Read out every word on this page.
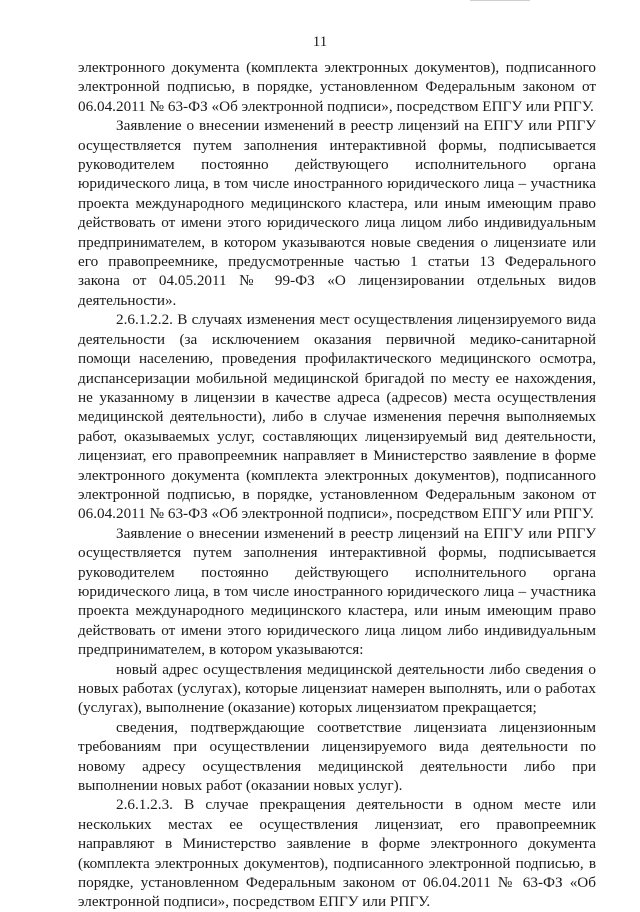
11

электронного документа (комплекта электронных документов), подписанного электронной подписью, в порядке, установленном Федеральным законом от 06.04.2011 № 63-ФЗ «Об электронной подписи», посредством ЕПГУ или РПГУ.

Заявление о внесении изменений в реестр лицензий на ЕПГУ или РПГУ осуществляется путем заполнения интерактивной формы, подписывается руководителем постоянно действующего исполнительного органа юридического лица, в том числе иностранного юридического лица – участника проекта международного медицинского кластера, или иным имеющим право действовать от имени этого юридического лица лицом либо индивидуальным предпринимателем, в котором указываются новые сведения о лицензиате или его правопреемнике, предусмотренные частью 1 статьи 13 Федерального закона от 04.05.2011 № 99-ФЗ «О лицензировании отдельных видов деятельности».

2.6.1.2.2. В случаях изменения мест осуществления лицензируемого вида деятельности (за исключением оказания первичной медико-санитарной помощи населению, проведения профилактического медицинского осмотра, диспансеризации мобильной медицинской бригадой по месту ее нахождения, не указанному в лицензии в качестве адреса (адресов) места осуществления медицинской деятельности), либо в случае изменения перечня выполняемых работ, оказываемых услуг, составляющих лицензируемый вид деятельности, лицензиат, его правопреемник направляет в Министерство заявление в форме электронного документа (комплекта электронных документов), подписанного электронной подписью, в порядке, установленном Федеральным законом от 06.04.2011 № 63-ФЗ «Об электронной подписи», посредством ЕПГУ или РПГУ.

Заявление о внесении изменений в реестр лицензий на ЕПГУ или РПГУ осуществляется путем заполнения интерактивной формы, подписывается руководителем постоянно действующего исполнительного органа юридического лица, в том числе иностранного юридического лица – участника проекта международного медицинского кластера, или иным имеющим право действовать от имени этого юридического лица лицом либо индивидуальным предпринимателем, в котором указываются:

новый адрес осуществления медицинской деятельности либо сведения о новых работах (услугах), которые лицензиат намерен выполнять, или о работах (услугах), выполнение (оказание) которых лицензиатом прекращается;

сведения, подтверждающие соответствие лицензиата лицензионным требованиям при осуществлении лицензируемого вида деятельности по новому адресу осуществления медицинской деятельности либо при выполнении новых работ (оказании новых услуг).

2.6.1.2.3. В случае прекращения деятельности в одном месте или нескольких местах ее осуществления лицензиат, его правопреемник направляют в Министерство заявление в форме электронного документа (комплекта электронных документов), подписанного электронной подписью, в порядке, установленном Федеральным законом от 06.04.2011 № 63-ФЗ «Об электронной подписи», посредством ЕПГУ или РПГУ.
